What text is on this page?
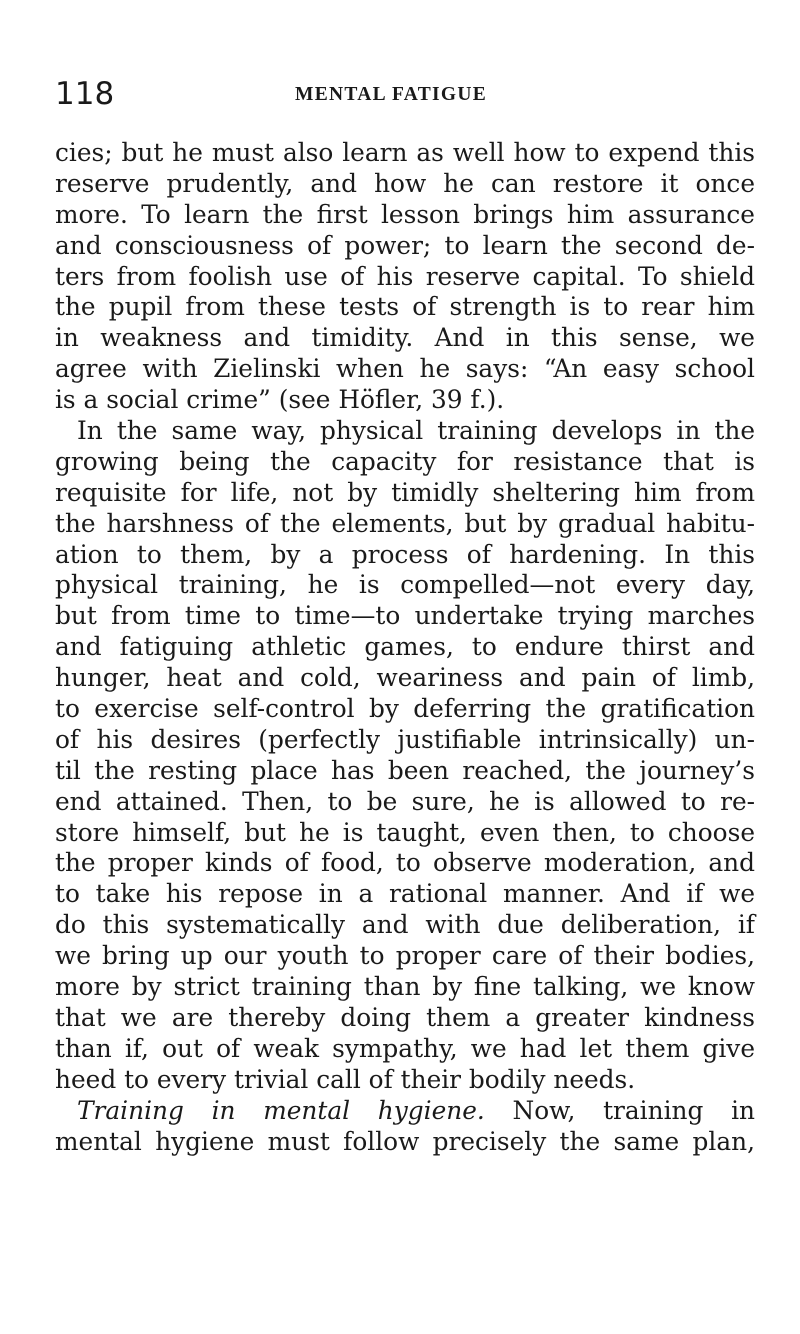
118	MENTAL FATIGUE
cies; but he must also learn as well how to expend this
reserve prudently, and how he can restore it once
more. To learn the first lesson brings him assurance
and consciousness of power; to learn the second de-
ters from foolish use of his reserve capital. To shield
the pupil from these tests of strength is to rear him
in weakness and timidity. And in this sense, we
agree with Zielinski when he says: “An easy school
is a social crime” (see Höfler, 39 f.).
In the same way, physical training develops in the
growing being the capacity for resistance that is
requisite for life, not by timidly sheltering him from
the harshness of the elements, but by gradual habitu-
ation to them, by a process of hardening. In this
physical training, he is compelled—not every day,
but from time to time—to undertake trying marches
and fatiguing athletic games, to endure thirst and
hunger, heat and cold, weariness and pain of limb,
to exercise self-control by deferring the gratification
of his desires (perfectly justifiable intrinsically) un-
til the resting place has been reached, the journey’s
end attained. Then, to be sure, he is allowed to re-
store himself, but he is taught, even then, to choose
the proper kinds of food, to observe moderation, and
to take his repose in a rational manner. And if we
do this systematically and with due deliberation, if
we bring up our youth to proper care of their bodies,
more by strict training than by fine talking, we know
that we are thereby doing them a greater kindness
than if, out of weak sympathy, we had let them give
heed to every trivial call of their bodily needs.
Training in mental hygiene. Now, training in
mental hygiene must follow precisely the same plan,
